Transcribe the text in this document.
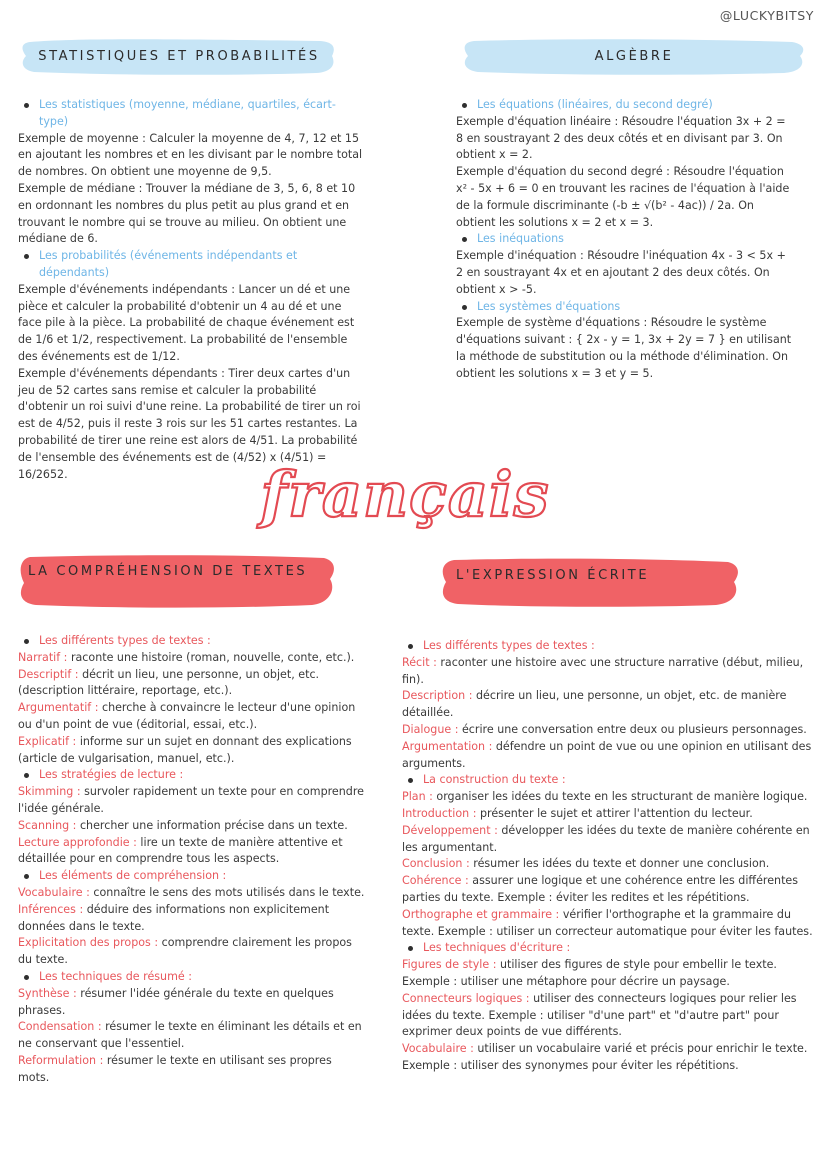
@LUCKYBITSY
STATISTIQUES ET PROBABILITÉS	ALGÈBRE

Les statistiques (moyenne, médiane, quartiles, écart-type)

Exemple de moyenne : Calculer la moyenne de 4, 7, 12 et 15 en ajoutant les nombres et en les divisant par le nombre total de nombres. On obtient une moyenne de 9,5.

Exemple de médiane : Trouver la médiane de 3, 5, 6, 8 et 10 en ordonnant les nombres du plus petit au plus grand et en trouvant le nombre qui se trouve au milieu. On obtient une médiane de 6.

Les probabilités (événements indépendants et dépendants)

Exemple d'événements indépendants : Lancer un dé et une pièce et calculer la probabilité d'obtenir un 4 au dé et une face pile à la pièce. La probabilité de chaque événement est de 1/6 et 1/2, respectivement. La probabilité de l'ensemble des événements est de 1/12.

Exemple d'événements dépendants : Tirer deux cartes d'un jeu de 52 cartes sans remise et calculer la probabilité d'obtenir un roi suivi d'une reine. La probabilité de tirer un roi est de 4/52, puis il reste 3 rois sur les 51 cartes restantes. La probabilité de tirer une reine est alors de 4/51. La probabilité de l'ensemble des événements est de (4/52) x (4/51) = 16/2652.

Les équations (linéaires, du second degré)

Exemple d'équation linéaire : Résoudre l'équation 3x + 2 = 8 en soustrayant 2 des deux côtés et en divisant par 3. On obtient x = 2.

Exemple d'équation du second degré : Résoudre l'équation x² - 5x + 6 = 0 en trouvant les racines de l'équation à l'aide de la formule discriminante (-b ± √(b² - 4ac)) / 2a. On obtient les solutions x = 2 et x = 3.

Les inéquations

Exemple d'inéquation : Résoudre l'inéquation 4x - 3 < 5x + 2 en soustrayant 4x et en ajoutant 2 des deux côtés. On obtient x > -5.

Les systèmes d'équations

Exemple de système d'équations : Résoudre le système d'équations suivant : { 2x - y = 1, 3x + 2y = 7 } en utilisant la méthode de substitution ou la méthode d'élimination. On obtient les solutions x = 3 et y = 5.

français
LA COMPRÉHENSION DE TEXTES	L'EXPRESSION ÉCRITE

Les différents types de textes :

Narratif : raconte une histoire (roman, nouvelle, conte, etc.).

Descriptif : décrit un lieu, une personne, un objet, etc. (description littéraire, reportage, etc.).

Argumentatif : cherche à convaincre le lecteur d'une opinion ou d'un point de vue (éditorial, essai, etc.).

Explicatif : informe sur un sujet en donnant des explications (article de vulgarisation, manuel, etc.).

Les stratégies de lecture :

Skimming : survoler rapidement un texte pour en comprendre l'idée générale.

Scanning : chercher une information précise dans un texte.

Lecture approfondie : lire un texte de manière attentive et détaillée pour en comprendre tous les aspects.

Les éléments de compréhension :

Vocabulaire : connaître le sens des mots utilisés dans le texte.

Inférences : déduire des informations non explicitement données dans le texte.

Explicitation des propos : comprendre clairement les propos du texte.

Les techniques de résumé :

Synthèse : résumer l'idée générale du texte en quelques phrases.

Condensation : résumer le texte en éliminant les détails et en ne conservant que l'essentiel.

Reformulation : résumer le texte en utilisant ses propres mots.

Les différents types de textes :

Récit : raconter une histoire avec une structure narrative (début, milieu, fin).

Description : décrire un lieu, une personne, un objet, etc. de manière détaillée.

Dialogue : écrire une conversation entre deux ou plusieurs personnages.

Argumentation : défendre un point de vue ou une opinion en utilisant des arguments.

La construction du texte :

Plan : organiser les idées du texte en les structurant de manière logique.

Introduction : présenter le sujet et attirer l'attention du lecteur.

Développement : développer les idées du texte de manière cohérente en les argumentant.

Conclusion : résumer les idées du texte et donner une conclusion.

Cohérence : assurer une logique et une cohérence entre les différentes parties du texte. Exemple : éviter les redites et les répétitions.

Orthographe et grammaire : vérifier l'orthographe et la grammaire du texte. Exemple : utiliser un correcteur automatique pour éviter les fautes.

Les techniques d'écriture :

Figures de style : utiliser des figures de style pour embellir le texte. Exemple : utiliser une métaphore pour décrire un paysage.

Connecteurs logiques : utiliser des connecteurs logiques pour relier les idées du texte. Exemple : utiliser "d'une part" et "d'autre part" pour exprimer deux points de vue différents.

Vocabulaire : utiliser un vocabulaire varié et précis pour enrichir le texte. Exemple : utiliser des synonymes pour éviter les répétitions.
